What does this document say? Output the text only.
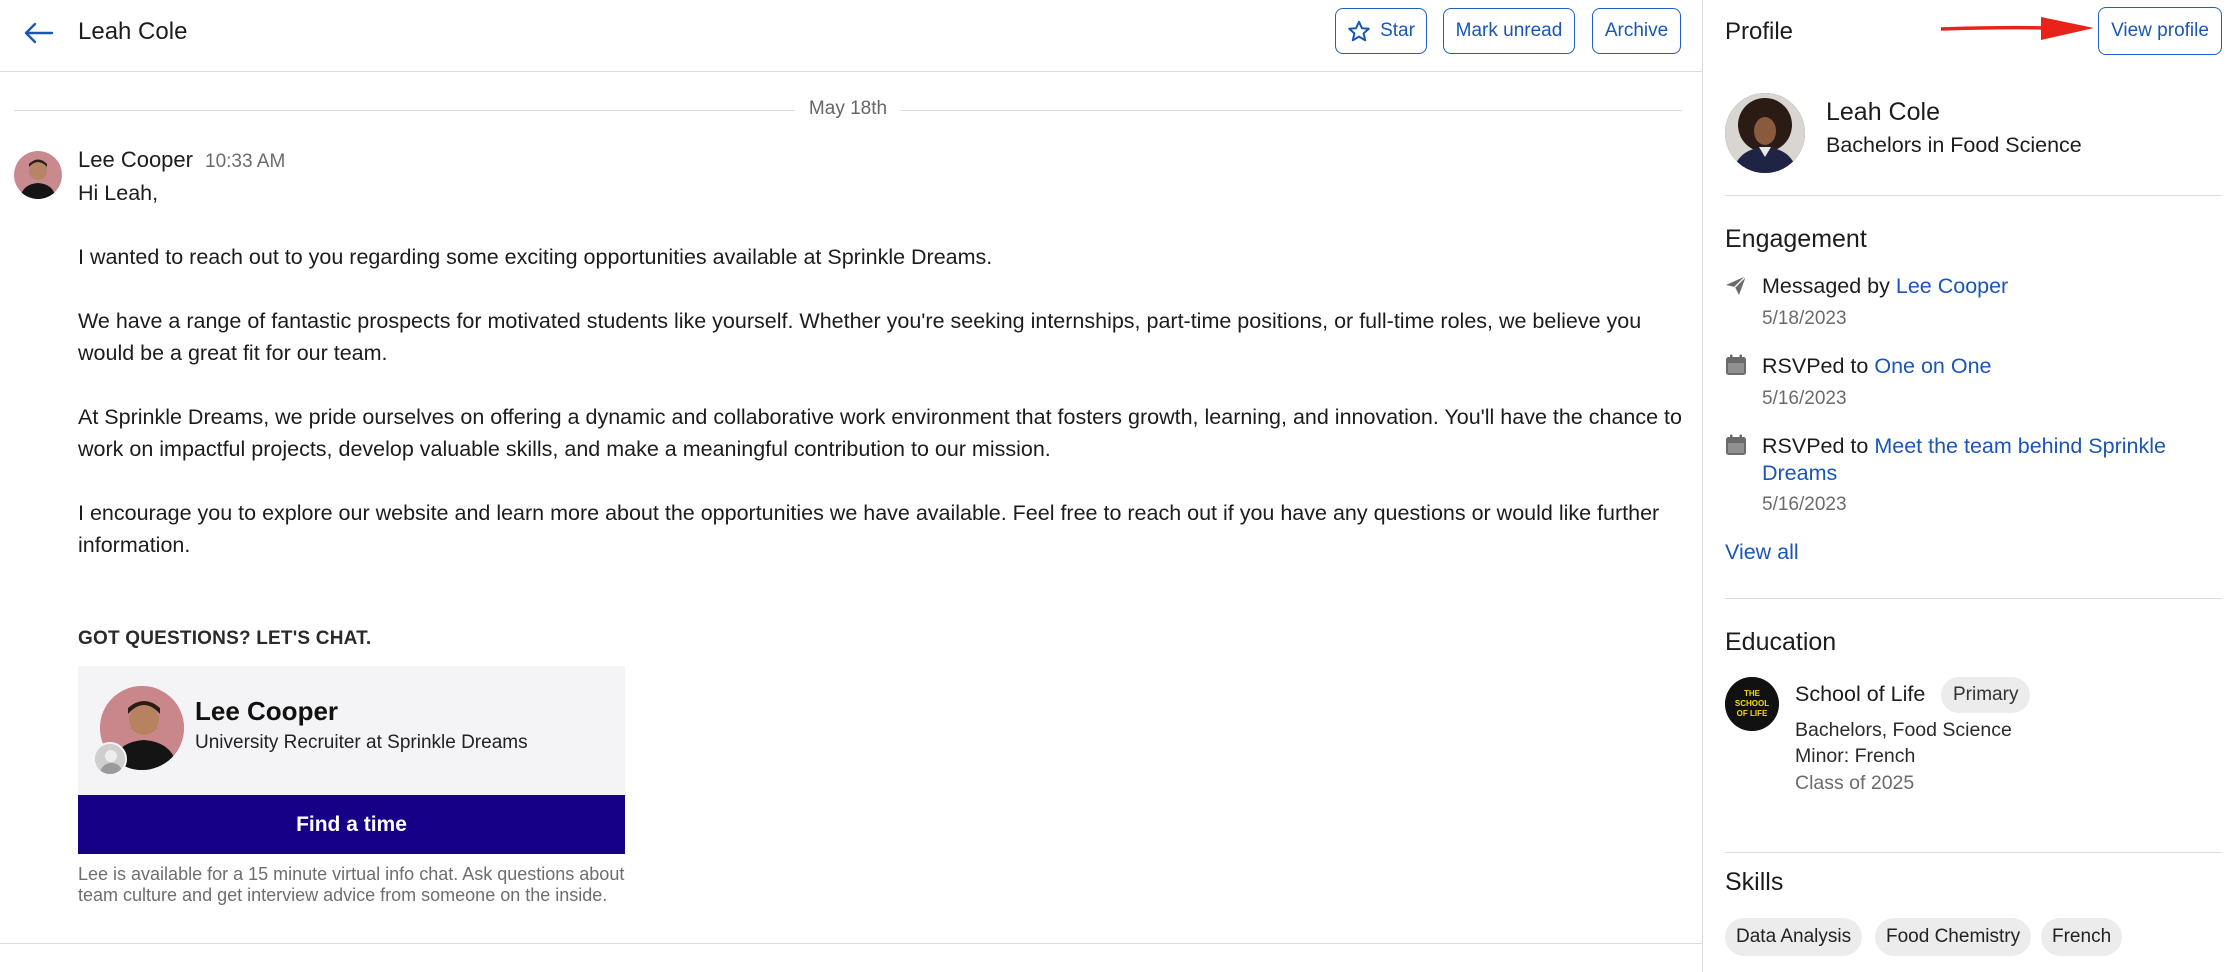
Leah Cole	Star	Mark unread	Archive
May 18th
Lee Cooper 10:33 AM

Hi Leah,

I wanted to reach out to you regarding some exciting opportunities available at Sprinkle Dreams.

We have a range of fantastic prospects for motivated students like yourself. Whether you're seeking internships, part-time positions, or full-time roles, we believe you would be a great fit for our team.

At Sprinkle Dreams, we pride ourselves on offering a dynamic and collaborative work environment that fosters growth, learning, and innovation. You'll have the chance to work on impactful projects, develop valuable skills, and make a meaningful contribution to our mission.

I encourage you to explore our website and learn more about the opportunities we have available. Feel free to reach out if you have any questions or would like further information.

GOT QUESTIONS? LET'S CHAT.
Lee Cooper
University Recruiter at Sprinkle Dreams
Find a time
Lee is available for a 15 minute virtual info chat. Ask questions about team culture and get interview advice from someone on the inside.
Profile	View profile
Leah Cole
Bachelors in Food Science
Engagement
Messaged by Lee Cooper
5/18/2023
RSVPed to One on One
5/16/2023
RSVPed to Meet the team behind Sprinkle Dreams
5/16/2023
View all
Education
THE
SCHOOL
OF LIFE
School of Life	Primary
Bachelors, Food Science
Minor: French
Class of 2025
Skills
Data Analysis	Food Chemistry	French
